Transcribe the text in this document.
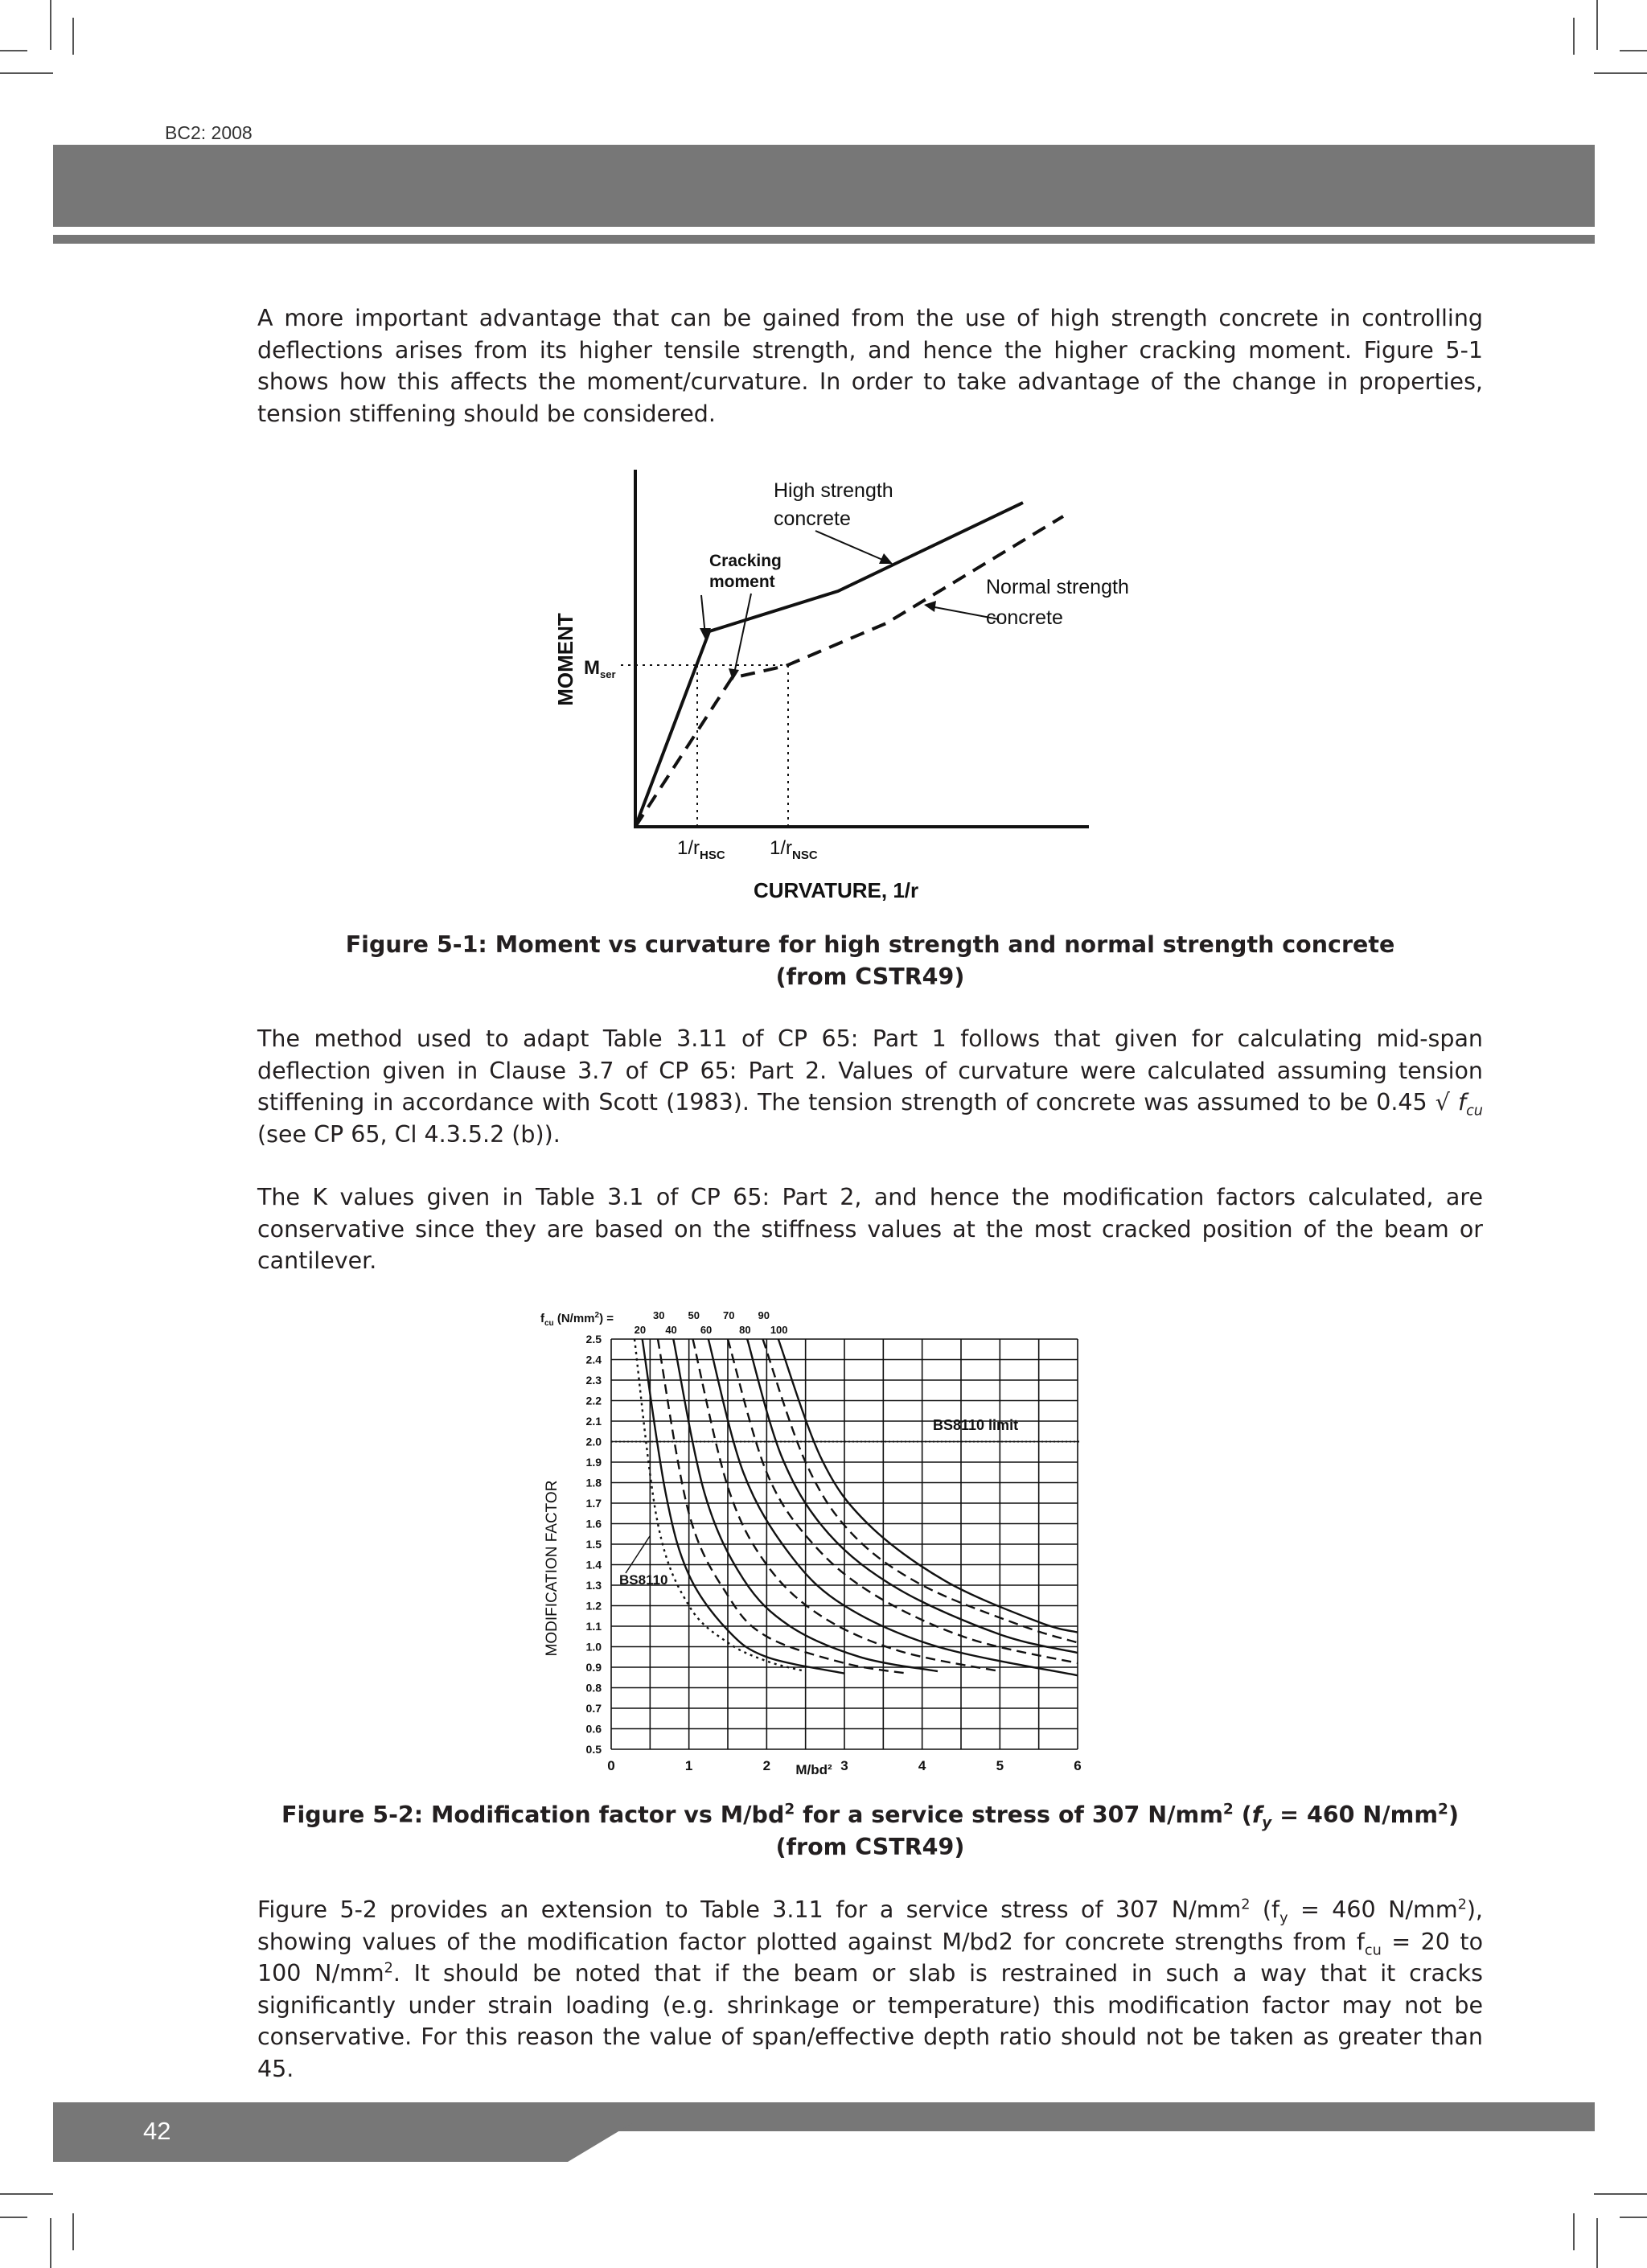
BC2: 2008

A more important advantage that can be gained from the use of high strength concrete in controlling deflections arises from its higher tensile strength, and hence the higher cracking moment. Figure 5-1 shows how this affects the moment/curvature. In order to take advantage of the change in properties, tension stiffening should be considered.

High strength
concrete
Cracking
moment	Normal strength
concrete
MOMENT $M_{ser}$
$1/r_{HSC}$ $1/r_{NSC}$
CURVATURE, 1/r

Figure 5-1: Moment vs curvature for high strength and normal strength concrete
(from CSTR49)

The method used to adapt Table 3.11 of CP 65: Part 1 follows that given for calculating mid-span deflection given in Clause 3.7 of CP 65: Part 2. Values of curvature were calculated assuming tension stiffening in accordance with Scott (1983). The tension strength of concrete was assumed to be 0.45 √ $f_{cu}$ (see CP 65, Cl 4.3.5.2 (b)).

The K values given in Table 3.1 of CP 65: Part 2, and hence the modification factors calculated, are conservative since they are based on the stiffness values at the most cracked position of the beam or cantilever.

2.5
2.4
2.3
2.2
2.1
2.0
1.9
1.8
1.7
1.6
1.5
1.4
1.3
1.2
1.1
1.0
0.9
0.8
0.7
0.6
0.5
0	1	2	3	4	5	6
30 50 70 90
20 40 60	80 100
$f_{cu}$ $(N/mm^2)$ =
MODIFICATION FACTOR
M/bd²
BS8110 limit
BS8110

Figure 5-2: Modification factor vs $M/bd^2$ for a service stress of 307 $N/mm^2$ ($f_y = 460$ $N/mm^2$)
(from CSTR49)

Figure 5-2 provides an extension to Table 3.11 for a service stress of 307 $N/mm^2$ ($f_y = 460$ $N/mm^2$), showing values of the modification factor plotted against M/bd2 for concrete strengths from $f_{cu} = 20$ to 100 $N/mm^2$. It should be noted that if the beam or slab is restrained in such a way that it cracks significantly under strain loading (e.g. shrinkage or temperature) this modification factor may not be conservative. For this reason the value of span/effective depth ratio should not be taken as greater than 45.

42
